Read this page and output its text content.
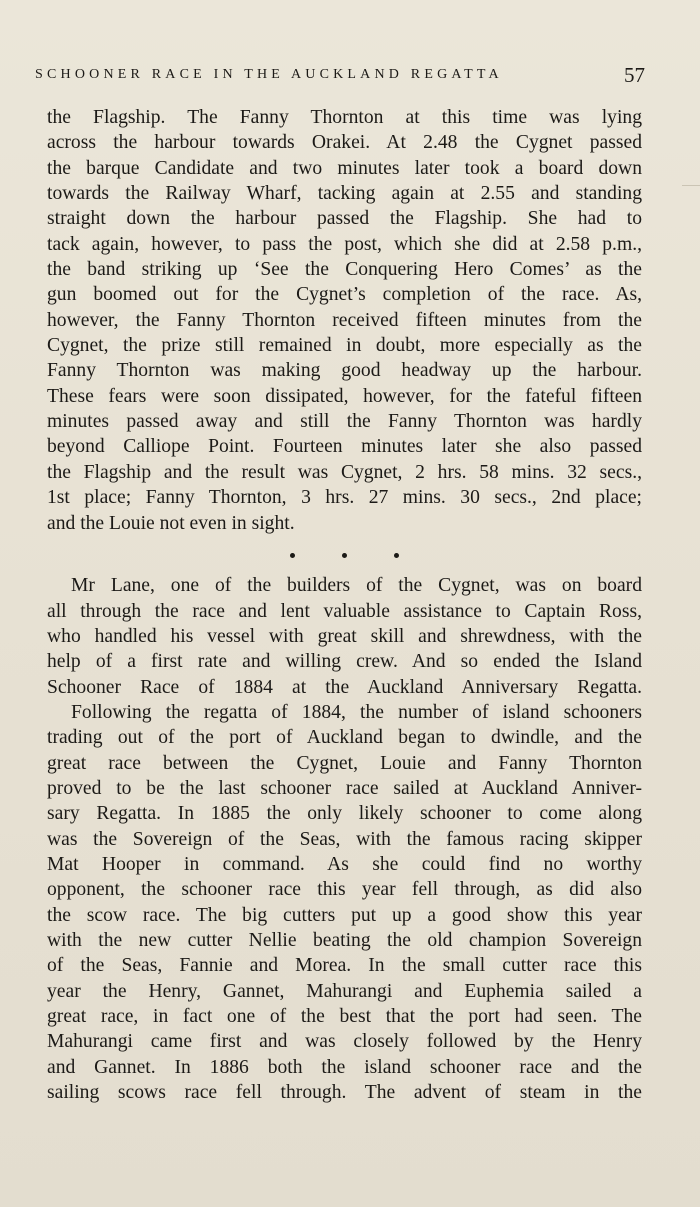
SCHOONER RACE IN THE AUCKLAND REGATTA	57
the Flagship. The Fanny Thornton at this time was lying
across the harbour towards Orakei. At 2.48 the Cygnet passed
the barque Candidate and two minutes later took a board down
towards the Railway Wharf, tacking again at 2.55 and standing
straight down the harbour passed the Flagship. She had to
tack again, however, to pass the post, which she did at 2.58 p.m.,
the band striking up ‘See the Conquering Hero Comes’ as the
gun boomed out for the Cygnet’s completion of the race. As,
however, the Fanny Thornton received fifteen minutes from the
Cygnet, the prize still remained in doubt, more especially as the
Fanny Thornton was making good headway up the harbour.
These fears were soon dissipated, however, for the fateful fifteen
minutes passed away and still the Fanny Thornton was hardly
beyond Calliope Point. Fourteen minutes later she also passed
the Flagship and the result was Cygnet, 2 hrs. 58 mins. 32 secs.,
1st place; Fanny Thornton, 3 hrs. 27 mins. 30 secs., 2nd place;
and the Louie not even in sight.

Mr Lane, one of the builders of the Cygnet, was on board
all through the race and lent valuable assistance to Captain Ross,
who handled his vessel with great skill and shrewdness, with the
help of a first rate and willing crew. And so ended the Island
Schooner Race of 1884 at the Auckland Anniversary Regatta.
Following the regatta of 1884, the number of island schooners
trading out of the port of Auckland began to dwindle, and the
great race between the Cygnet, Louie and Fanny Thornton
proved to be the last schooner race sailed at Auckland Anniver-
sary Regatta. In 1885 the only likely schooner to come along
was the Sovereign of the Seas, with the famous racing skipper
Mat Hooper in command. As she could find no worthy
opponent, the schooner race this year fell through, as did also
the scow race. The big cutters put up a good show this year
with the new cutter Nellie beating the old champion Sovereign
of the Seas, Fannie and Morea. In the small cutter race this
year the Henry, Gannet, Mahurangi and Euphemia sailed a
great race, in fact one of the best that the port had seen. The
Mahurangi came first and was closely followed by the Henry
and Gannet. In 1886 both the island schooner race and the
sailing scows race fell through. The advent of steam in the
